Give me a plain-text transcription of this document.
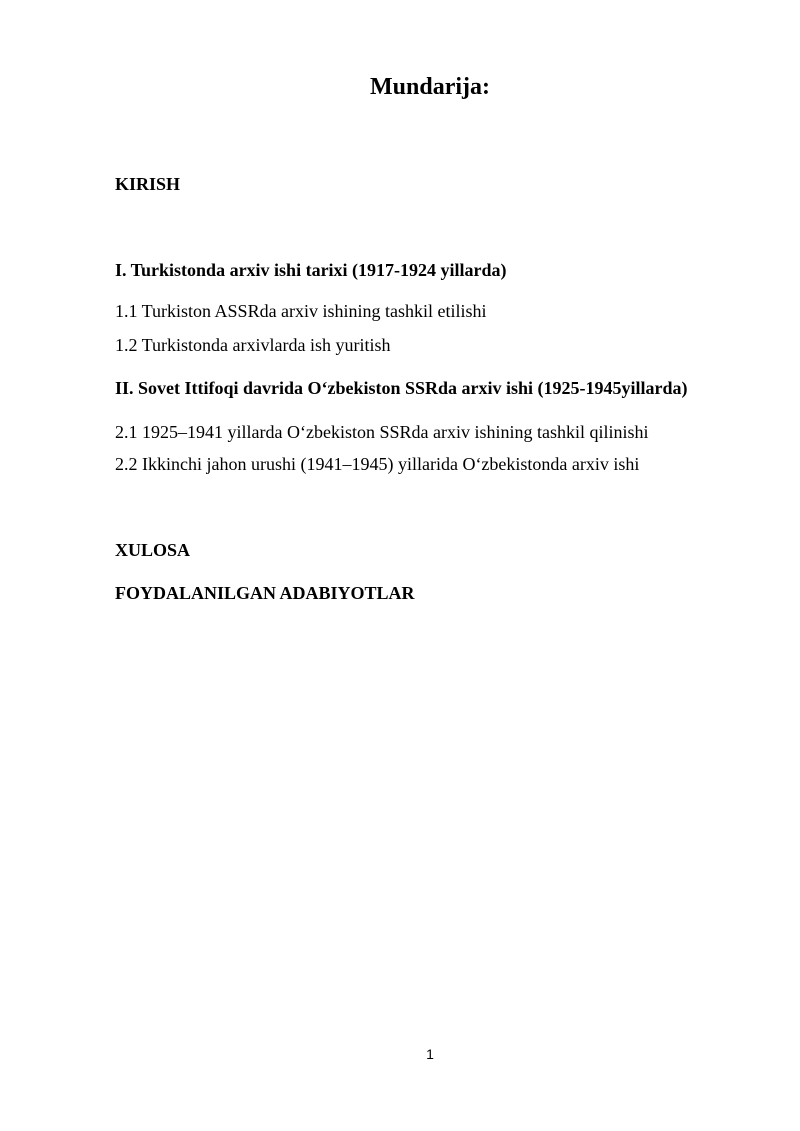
Mundarija:

KIRISH

I. Turkistonda arxiv ishi tarixi (1917-1924 yillarda)

1.1 Turkiston ASSRda arxiv ishining tashkil etilishi

1.2 Turkistonda arxivlarda ish yuritish

II. Sovet Ittifoqi davrida O‘zbekiston SSRda arxiv ishi (1925-1945yillarda)

2.1 1925–1941 yillarda O‘zbekiston SSRda arxiv ishining tashkil qilinishi

2.2 Ikkinchi jahon urushi (1941–1945) yillarida O‘zbekistonda arxiv ishi

XULOSA

FOYDALANILGAN ADABIYOTLAR

1
